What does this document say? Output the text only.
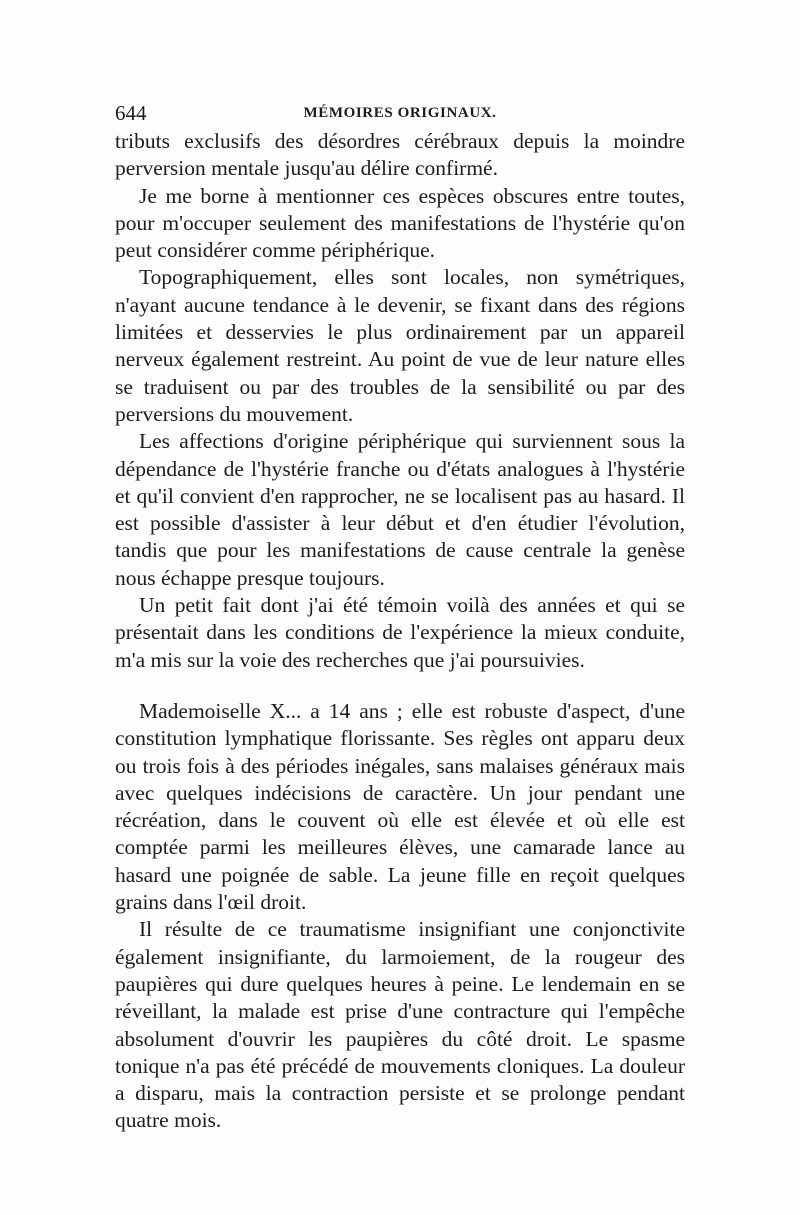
644	MÉMOIRES ORIGINAUX.

tributs exclusifs des désordres cérébraux depuis la moindre perversion mentale jusqu'au délire confirmé.

Je me borne à mentionner ces espèces obscures entre toutes, pour m'occuper seulement des manifestations de l'hystérie qu'on peut considérer comme périphérique.

Topographiquement, elles sont locales, non symétriques, n'ayant aucune tendance à le devenir, se fixant dans des régions limitées et desservies le plus ordinairement par un appareil nerveux également restreint. Au point de vue de leur nature elles se traduisent ou par des troubles de la sensibilité ou par des perversions du mouvement.

Les affections d'origine périphérique qui surviennent sous la dépendance de l'hystérie franche ou d'états analogues à l'hystérie et qu'il convient d'en rapprocher, ne se localisent pas au hasard. Il est possible d'assister à leur début et d'en étudier l'évolution, tandis que pour les manifestations de cause centrale la genèse nous échappe presque toujours.

Un petit fait dont j'ai été témoin voilà des années et qui se présentait dans les conditions de l'expérience la mieux conduite, m'a mis sur la voie des recherches que j'ai poursuivies.

Mademoiselle X... a 14 ans ; elle est robuste d'aspect, d'une constitution lymphatique florissante. Ses règles ont apparu deux ou trois fois à des périodes inégales, sans malaises généraux mais avec quelques indécisions de caractère. Un jour pendant une récréation, dans le couvent où elle est élevée et où elle est comptée parmi les meilleures élèves, une camarade lance au hasard une poignée de sable. La jeune fille en reçoit quelques grains dans l'œil droit.

Il résulte de ce traumatisme insignifiant une conjonctivite également insignifiante, du larmoiement, de la rougeur des paupières qui dure quelques heures à peine. Le lendemain en se réveillant, la malade est prise d'une contracture qui l'empêche absolument d'ouvrir les paupières du côté droit. Le spasme tonique n'a pas été précédé de mouvements cloniques. La douleur a disparu, mais la contraction persiste et se prolonge pendant quatre mois.
